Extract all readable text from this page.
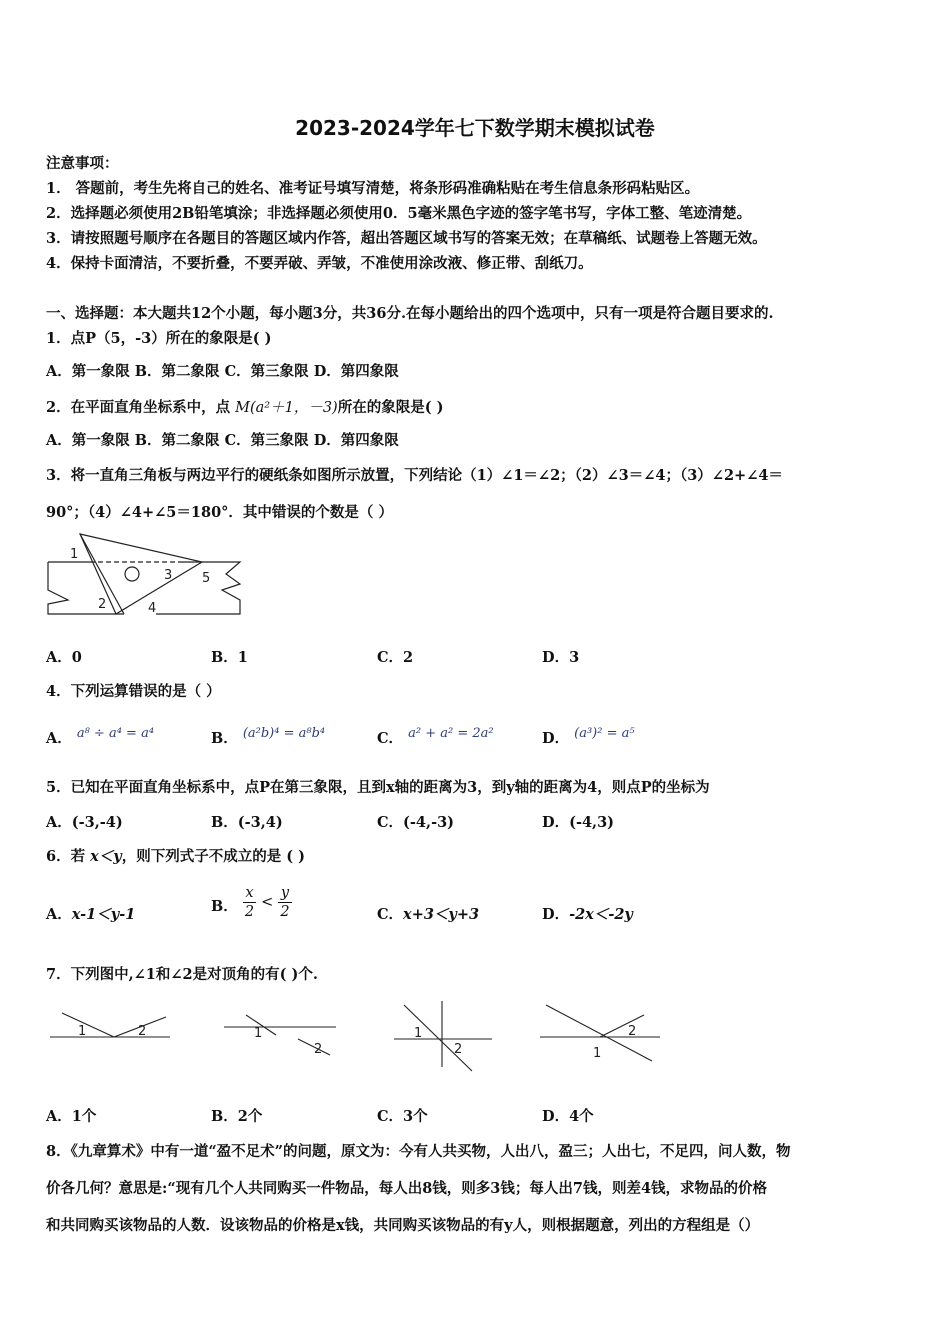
2023-2024学年七下数学期末模拟试卷
注意事项：
1． 答题前，考生先将自己的姓名、准考证号填写清楚，将条形码准确粘贴在考生信息条形码粘贴区。
2．选择题必须使用2B铅笔填涂；非选择题必须使用0．5毫米黑色字迹的签字笔书写，字体工整、笔迹清楚。
3．请按照题号顺序在各题目的答题区域内作答，超出答题区域书写的答案无效；在草稿纸、试题卷上答题无效。
4．保持卡面清洁，不要折叠，不要弄破、弄皱，不准使用涂改液、修正带、刮纸刀。
一、选择题：本大题共12个小题，每小题3分，共36分.在每小题给出的四个选项中，只有一项是符合题目要求的.
1．点P（5，-3）所在的象限是( )
A．第一象限 B．第二象限 C．第三象限 D．第四象限
2．在平面直角坐标系中，点 M(a²＋1，－3)所在的象限是( )
A．第一象限 B．第二象限 C．第三象限 D．第四象限
3．将一直角三角板与两边平行的硬纸条如图所示放置，下列结论（1）∠1＝∠2；（2）∠3＝∠4；（3）∠2+∠4＝
90°；（4）∠4+∠5＝180°．其中错误的个数是（ ）
1
2
3
4
5
A．0	B．1	C．2	D．3
4．下列运算错误的是（ ）
A． a⁸ ÷ a⁴ = a⁴	B． (a²b)⁴ = a⁸b⁴	C． a² + a² = 2a²	D． (a³)² = a⁵
5．已知在平面直角坐标系中，点P在第三象限，且到x轴的距离为3，到y轴的距离为4，则点P的坐标为
A．(-3,-4)	B．(-3,4)	C．(-4,-3)	D．(-4,3)
6．若 x＜y，则下列式子不成立的是 ( )
A．x-1＜y-1	B． $\frac{x}{2} < \frac{y}{2}$	C．x+3＜y+3	D．-2x＜-2y
7．下列图中,∠1和∠2是对顶角的有( )个.
1	2	1
2
1
2
2
1
A．1个	B．2个	C．3个	D．4个
8．《九章算术》中有一道“盈不足术”的问题，原文为：今有人共买物，人出八，盈三；人出七，不足四，问人数，物
价各几何？意思是:“现有几个人共同购买一件物品，每人出8钱，则多3钱；每人出7钱，则差4钱，求物品的价格
和共同购买该物品的人数．设该物品的价格是x钱，共同购买该物品的有y人，则根据题意，列出的方程组是（）
